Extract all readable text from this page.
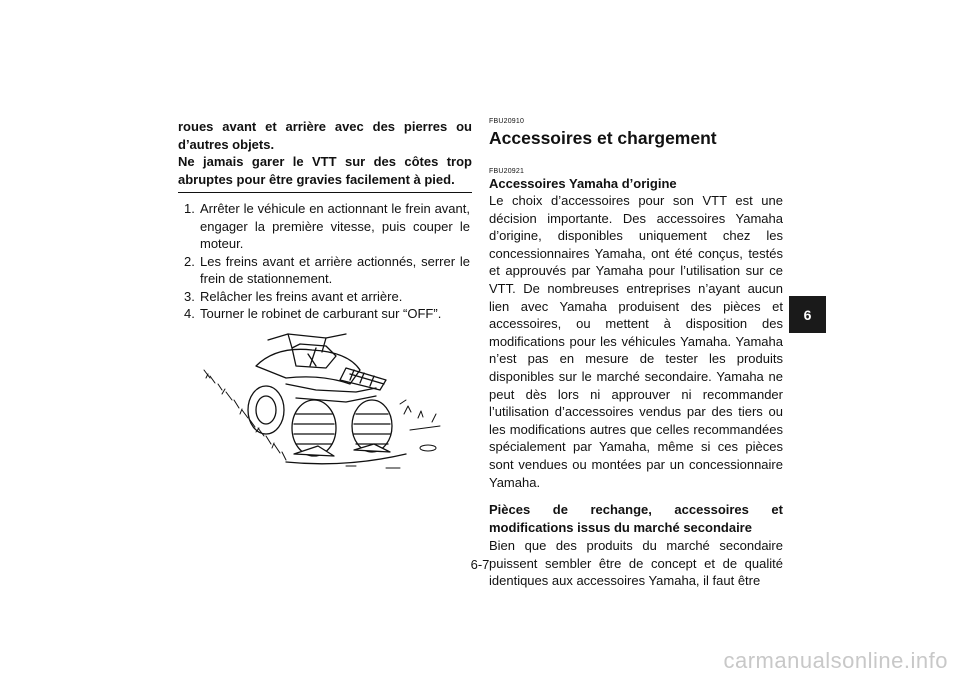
roues avant et arrière avec des pierres ou d’autres objets.

Ne jamais garer le VTT sur des côtes trop abruptes pour être gravies facilement à pied.

1. Arrêter le véhicule en actionnant le frein avant, engager la première vitesse, puis couper le moteur.
2. Les freins avant et arrière actionnés, serrer le frein de stationnement.
3. Relâcher les freins avant et arrière.
4. Tourner le robinet de carburant sur “OFF”.

FBU20910

Accessoires et chargement

FBU20921

Accessoires Yamaha d’origine

Le choix d’accessoires pour son VTT est une décision importante. Des accessoires Yamaha d’origine, disponibles uniquement chez les concessionnaires Yamaha, ont été conçus, testés et approuvés par Yamaha pour l’utilisation sur ce VTT. De nombreuses entreprises n’ayant aucun lien avec Yamaha produisent des pièces et accessoires, ou mettent à disposition des modifications pour les véhicules Yamaha. Yamaha n’est pas en mesure de tester les produits disponibles sur le marché secondaire. Yamaha ne peut dès lors ni approuver ni recommander l’utilisation d’accessoires vendus par des tiers ou les modifications autres que celles recommandées spécialement par Yamaha, même si ces pièces sont vendues ou montées par un concessionnaire Yamaha.

Pièces de rechange, accessoires et modifications issus du marché secondaire

Bien que des produits du marché secondaire puissent sembler être de concept et de qualité identiques aux accessoires Yamaha, il faut être

6
6-7
carmanualsonline.info
